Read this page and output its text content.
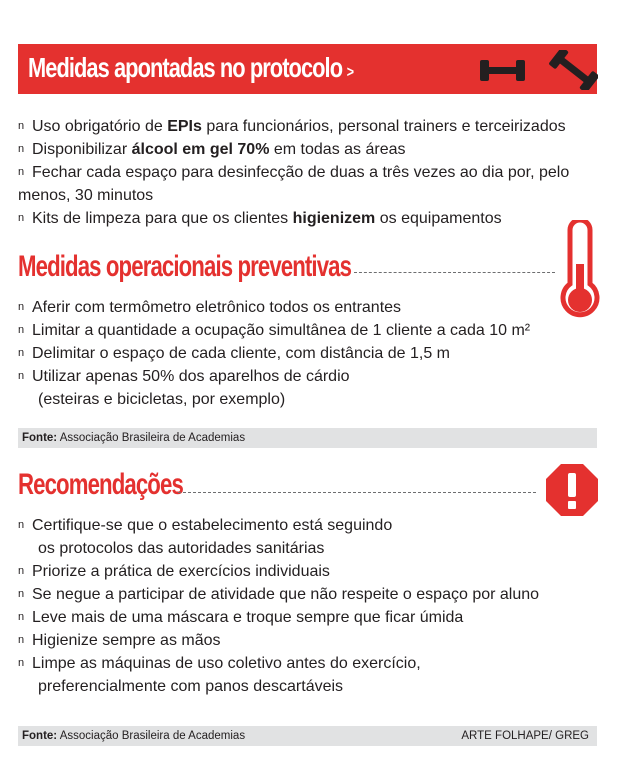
Medidas apontadas no protocolo >
n Uso obrigatório de EPIs para funcionários, personal trainers e terceirizados
n Disponibilizar álcool em gel 70% em todas as áreas
n Fechar cada espaço para desinfecção de duas a três vezes ao dia por, pelo
menos, 30 minutos
n Kits de limpeza para que os clientes higienizem os equipamentos
Medidas operacionais preventivas
n Aferir com termômetro eletrônico todos os entrantes
n Limitar a quantidade a ocupação simultânea de 1 cliente a cada 10 m²
n Delimitar o espaço de cada cliente, com distância de 1,5 m
n Utilizar apenas 50% dos aparelhos de cárdio
(esteiras e bicicletas, por exemplo)
Fonte: Associação Brasileira de Academias
Recomendações
n Certifique-se que o estabelecimento está seguindo
os protocolos das autoridades sanitárias
n Priorize a prática de exercícios individuais
n Se negue a participar de atividade que não respeite o espaço por aluno
n Leve mais de uma máscara e troque sempre que ficar úmida
n Higienize sempre as mãos
n Limpe as máquinas de uso coletivo antes do exercício,
preferencialmente com panos descartáveis
Fonte: Associação Brasileira de Academias	ARTE FOLHAPE/ GREG
